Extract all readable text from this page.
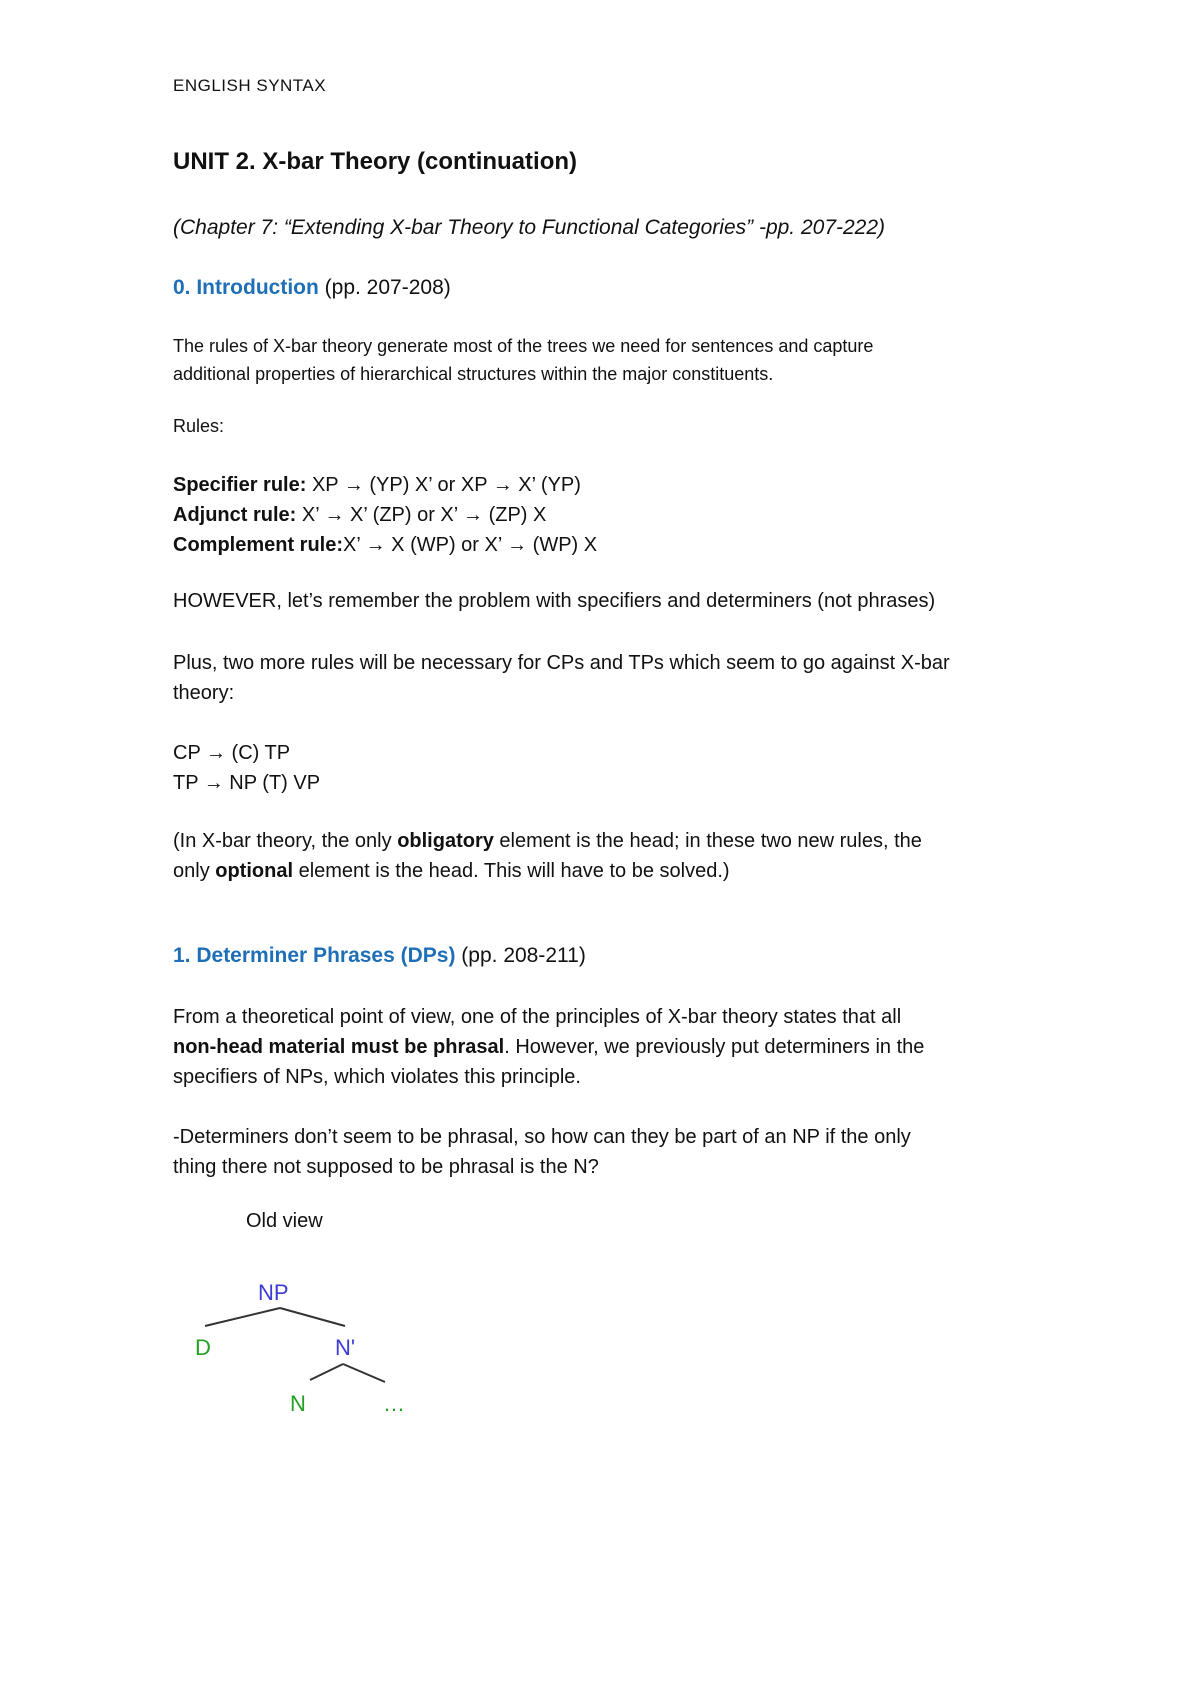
ENGLISH SYNTAX

UNIT 2. X-bar Theory (continuation)

(Chapter 7: “Extending X-bar Theory to Functional Categories” -pp. 207-222)

0. Introduction (pp. 207-208)

The rules of X-bar theory generate most of the trees we need for sentences and capture
additional properties of hierarchical structures within the major constituents.

Rules:

Specifier rule: XP → (YP) X’ or XP → X’ (YP)
Adjunct rule: X’ → X’ (ZP) or X’ → (ZP) X
Complement rule:X’ → X (WP) or X’ → (WP) X

HOWEVER, let’s remember the problem with specifiers and determiners (not phrases)

Plus, two more rules will be necessary for CPs and TPs which seem to go against X-bar
theory:
CP → (C) TP
TP → NP (T) VP
(In X-bar theory, the only obligatory element is the head; in these two new rules, the
only optional element is the head. This will have to be solved.)

1. Determiner Phrases (DPs) (pp. 208-211)

From a theoretical point of view, one of the principles of X-bar theory states that all
non-head material must be phrasal. However, we previously put determiners in the
specifiers of NPs, which violates this principle.
-Determiners don’t seem to be phrasal, so how can they be part of an NP if the only
thing there not supposed to be phrasal is the N?

Old view

NP
D	N'
N	…
